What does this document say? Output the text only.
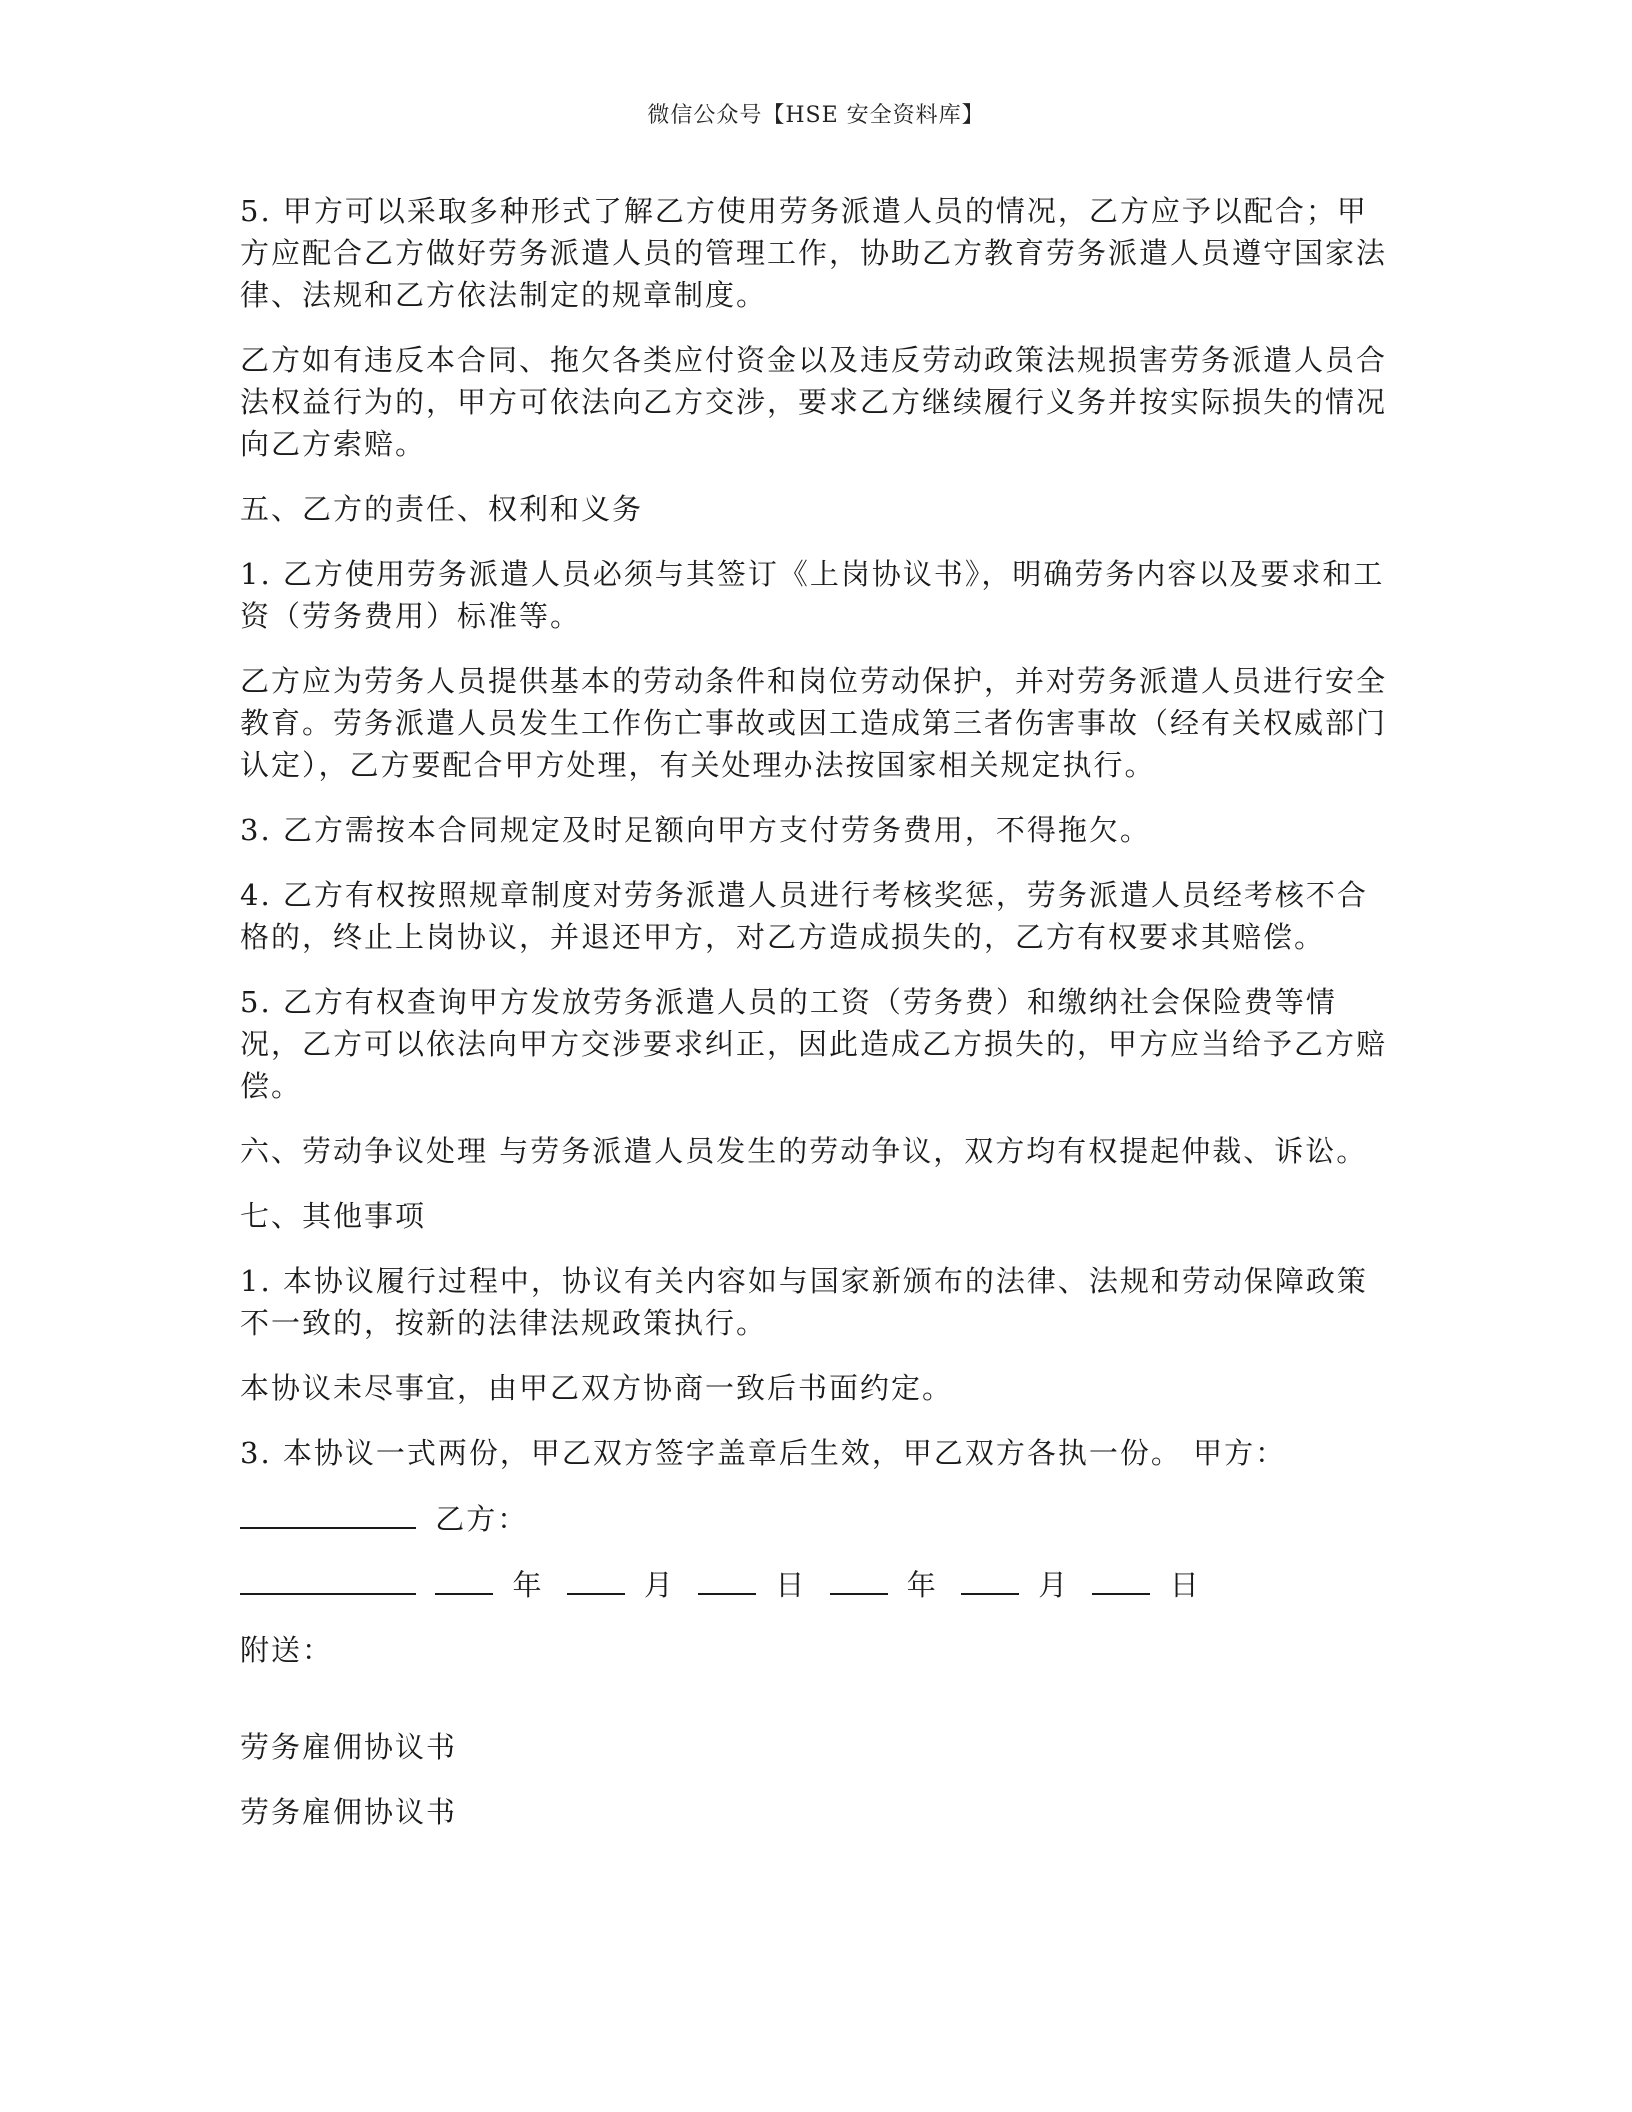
微信公众号【HSE 安全资料库】

5. 甲方可以采取多种形式了解乙方使用劳务派遣人员的情况，乙方应予以配合；甲方应配合乙方做好劳务派遣人员的管理工作，协助乙方教育劳务派遣人员遵守国家法律、法规和乙方依法制定的规章制度。

乙方如有违反本合同、拖欠各类应付资金以及违反劳动政策法规损害劳务派遣人员合法权益行为的，甲方可依法向乙方交涉，要求乙方继续履行义务并按实际损失的情况向乙方索赔。

五、乙方的责任、权利和义务

1. 乙方使用劳务派遣人员必须与其签订《上岗协议书》，明确劳务内容以及要求和工资（劳务费用）标准等。

乙方应为劳务人员提供基本的劳动条件和岗位劳动保护，并对劳务派遣人员进行安全教育。劳务派遣人员发生工作伤亡事故或因工造成第三者伤害事故（经有关权威部门认定），乙方要配合甲方处理，有关处理办法按国家相关规定执行。

3. 乙方需按本合同规定及时足额向甲方支付劳务费用，不得拖欠。

4. 乙方有权按照规章制度对劳务派遣人员进行考核奖惩，劳务派遣人员经考核不合格的，终止上岗协议，并退还甲方，对乙方造成损失的，乙方有权要求其赔偿。

5. 乙方有权查询甲方发放劳务派遣人员的工资（劳务费）和缴纳社会保险费等情况，乙方可以依法向甲方交涉要求纠正，因此造成乙方损失的，甲方应当给予乙方赔偿。

六、劳动争议处理 与劳务派遣人员发生的劳动争议，双方均有权提起仲裁、诉讼。

七、其他事项

1. 本协议履行过程中，协议有关内容如与国家新颁布的法律、法规和劳动保障政策不一致的，按新的法律法规政策执行。

本协议未尽事宜，由甲乙双方协商一致后书面约定。

3. 本协议一式两份，甲乙双方签字盖章后生效，甲乙双方各执一份。 甲方：

乙方：

年	月	日	年	月	日

附送：

劳务雇佣协议书

劳务雇佣协议书
